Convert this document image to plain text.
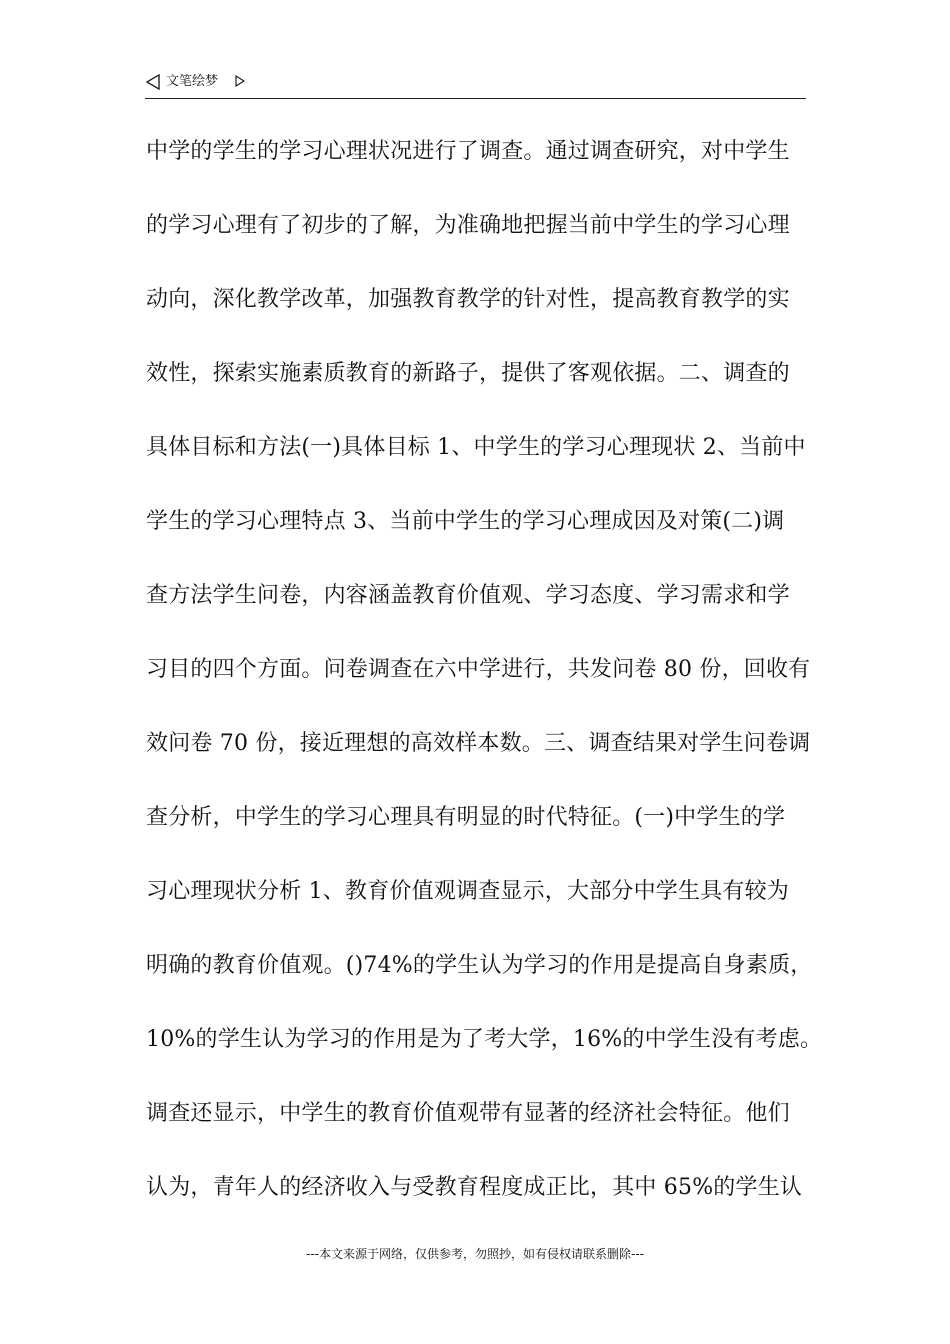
文笔绘梦
中学的学生的学习心理状况进行了调查。通过调查研究，对中学生
的学习心理有了初步的了解，为准确地把握当前中学生的学习心理
动向，深化教学改革，加强教育教学的针对性，提高教育教学的实
效性，探索实施素质教育的新路子，提供了客观依据。二、调查的
具体目标和方法(一)具体目标 1、中学生的学习心理现状 2、当前中
学生的学习心理特点 3、当前中学生的学习心理成因及对策(二)调
查方法学生问卷，内容涵盖教育价值观、学习态度、学习需求和学
习目的四个方面。问卷调查在六中学进行，共发问卷 80 份，回收有
效问卷 70 份，接近理想的高效样本数。三、调查结果对学生问卷调
查分析，中学生的学习心理具有明显的时代特征。(一)中学生的学
习心理现状分析 1、教育价值观调查显示，大部分中学生具有较为
明确的教育价值观。()74%的学生认为学习的作用是提高自身素质，
10%的学生认为学习的作用是为了考大学，16%的中学生没有考虑。
调查还显示，中学生的教育价值观带有显著的经济社会特征。他们
认为，青年人的经济收入与受教育程度成正比，其中 65%的学生认
---本文来源于网络，仅供参考，勿照抄，如有侵权请联系删除---
